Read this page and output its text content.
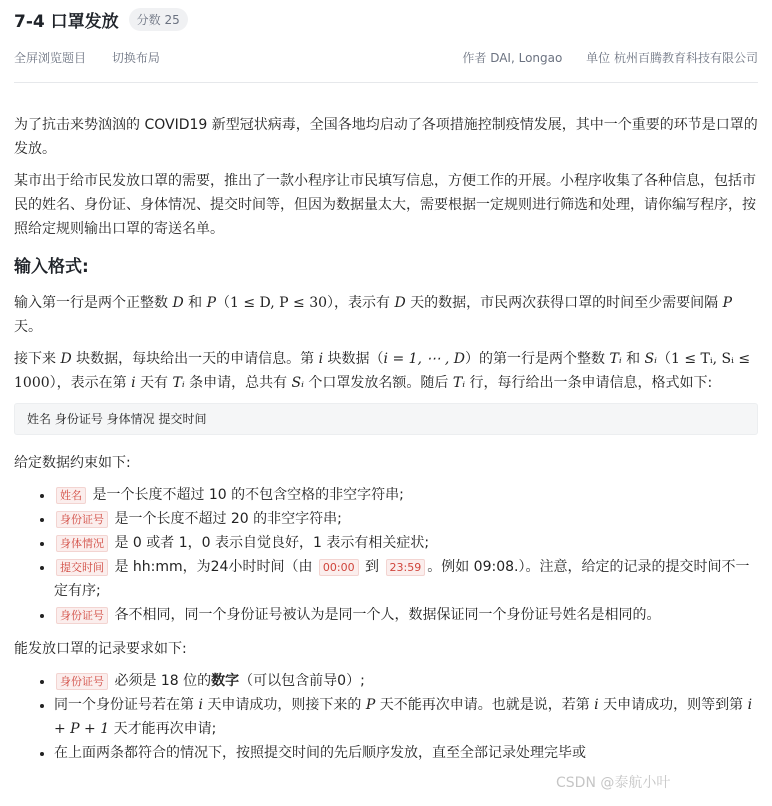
7-4 口罩发放	分数 25
全屏浏览题目 切换布局	作者 DAI, Longao 单位 杭州百腾教育科技有限公司

为了抗击来势汹汹的 COVID19 新型冠状病毒，全国各地均启动了各项措施控制疫情发展，其中一个重要的环节是口罩的发放。

某市出于给市民发放口罩的需要，推出了一款小程序让市民填写信息，方便工作的开展。小程序收集了各种信息，包括市民的姓名、身份证、身体情况、提交时间等，但因为数据量太大，需要根据一定规则进行筛选和处理，请你编写程序，按照给定规则输出口罩的寄送名单。

输入格式:

输入第一行是两个正整数 D 和 P（1 ≤ D, P ≤ 30），表示有 D 天的数据，市民两次获得口罩的时间至少需要间隔 P 天。

接下来 D 块数据，每块给出一天的申请信息。第 i 块数据（i = 1, ⋯ , D）的第一行是两个整数 Tᵢ 和 Sᵢ（1 ≤ Tᵢ, Sᵢ ≤ 1000），表示在第 i 天有 Tᵢ 条申请，总共有 Sᵢ 个口罩发放名额。随后 Tᵢ 行，每行给出一条申请信息，格式如下:

姓名 身份证号 身体情况 提交时间

给定数据约束如下:

• 姓名 是一个长度不超过 10 的不包含空格的非空字符串;
• 身份证号 是一个长度不超过 20 的非空字符串;
• 身体情况 是 0 或者 1，0 表示自觉良好，1 表示有相关症状;
• 提交时间 是 hh:mm，为24小时时间（由 00:00 到 23:59 。例如 09:08.）。注意，给定的记录的提交时间不一定有序;
• 身份证号 各不相同，同一个身份证号被认为是同一个人，数据保证同一个身份证号姓名是相同的。

能发放口罩的记录要求如下:

• 身份证号 必须是 18 位的数字（可以包含前导0）;
• 同一个身份证号若在第 i 天申请成功，则接下来的 P 天不能再次申请。也就是说，若第 i 天申请成功，则等到第 i + P + 1 天才能再次申请;
• 在上面两条都符合的情况下，按照提交时间的先后顺序发放，直至全部记录处理完毕或
CSDN @泰航小叶
